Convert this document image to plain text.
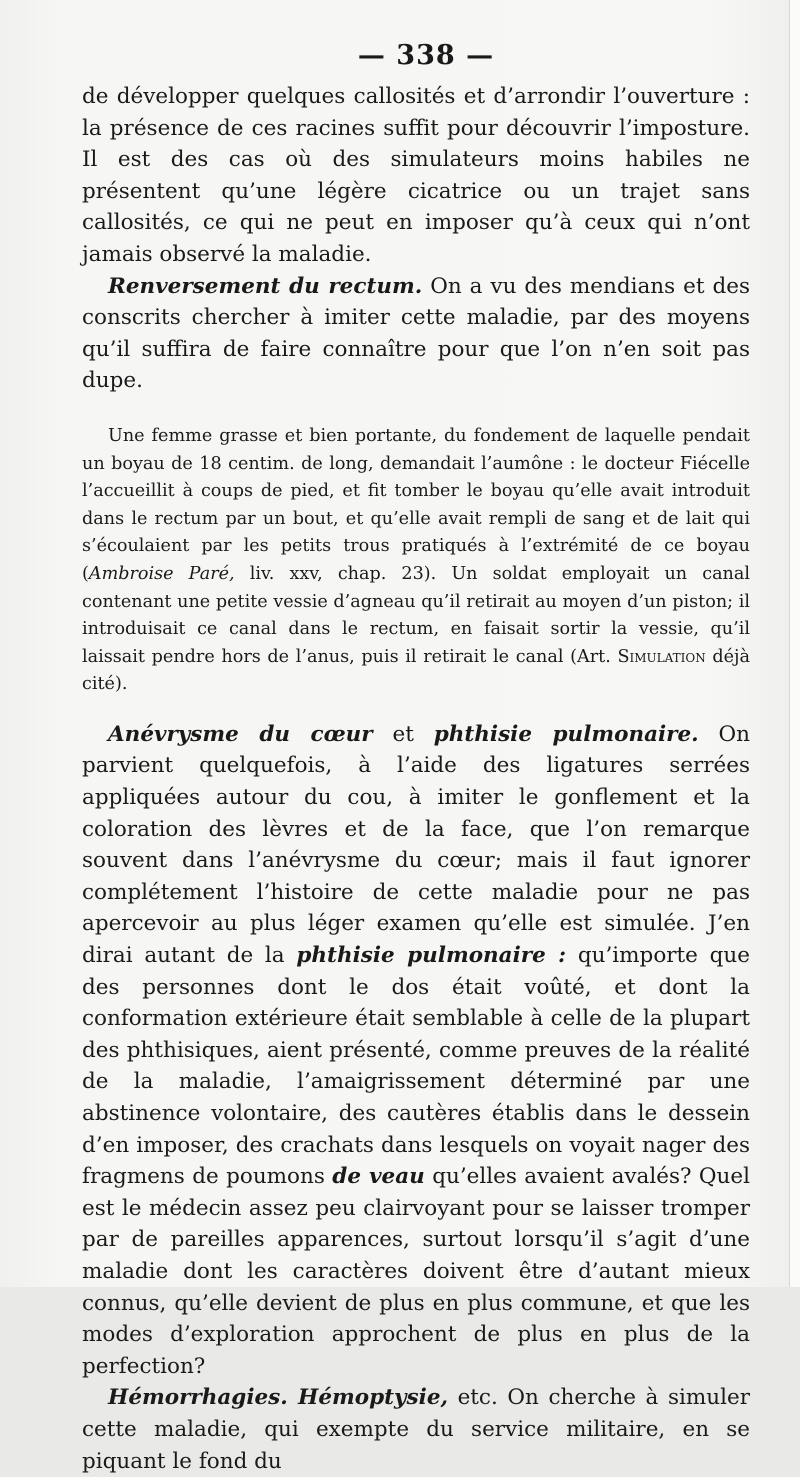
— 338 —

de développer quelques callosités et d’arrondir l’ouverture : la présence de ces racines suffit pour découvrir l’imposture. Il est des cas où des simulateurs moins habiles ne présentent qu’une légère cicatrice ou un trajet sans callosités, ce qui ne peut en imposer qu’à ceux qui n’ont jamais observé la maladie.

Renversement du rectum. On a vu des mendians et des conscrits chercher à imiter cette maladie, par des moyens qu’il suffira de faire connaître pour que l’on n’en soit pas dupe.

Une femme grasse et bien portante, du fondement de laquelle pendait un boyau de 18 centim. de long, demandait l’aumône : le docteur Fiécelle l’accueillit à coups de pied, et fit tomber le boyau qu’elle avait introduit dans le rectum par un bout, et qu’elle avait rempli de sang et de lait qui s’écoulaient par les petits trous pratiqués à l’extrémité de ce boyau (Ambroise Paré, liv. xxv, chap. 23). Un soldat employait un canal contenant une petite vessie d’agneau qu’il retirait au moyen d’un piston; il introduisait ce canal dans le rectum, en faisait sortir la vessie, qu’il laissait pendre hors de l’anus, puis il retirait le canal (Art. Simulation déjà cité).

Anévrysme du cœur et phthisie pulmonaire. On parvient quelquefois, à l’aide des ligatures serrées appliquées autour du cou, à imiter le gonflement et la coloration des lèvres et de la face, que l’on remarque souvent dans l’anévrysme du cœur; mais il faut ignorer complétement l’histoire de cette maladie pour ne pas apercevoir au plus léger examen qu’elle est simulée. J’en dirai autant de la phthisie pulmonaire : qu’importe que des personnes dont le dos était voûté, et dont la conformation extérieure était semblable à celle de la plupart des phthisiques, aient présenté, comme preuves de la réalité de la maladie, l’amaigrissement déterminé par une abstinence volontaire, des cautères établis dans le dessein d’en imposer, des crachats dans lesquels on voyait nager des fragmens de poumons de veau qu’elles avaient avalés? Quel est le médecin assez peu clairvoyant pour se laisser tromper par de pareilles apparences, surtout lorsqu’il s’agit d’une maladie dont les caractères doivent être d’autant mieux connus, qu’elle devient de plus en plus commune, et que les modes d’exploration approchent de plus en plus de la perfection?

Hémorrhagies. Hémoptysie, etc. On cherche à simuler cette maladie, qui exempte du service militaire, en se piquant le fond du
